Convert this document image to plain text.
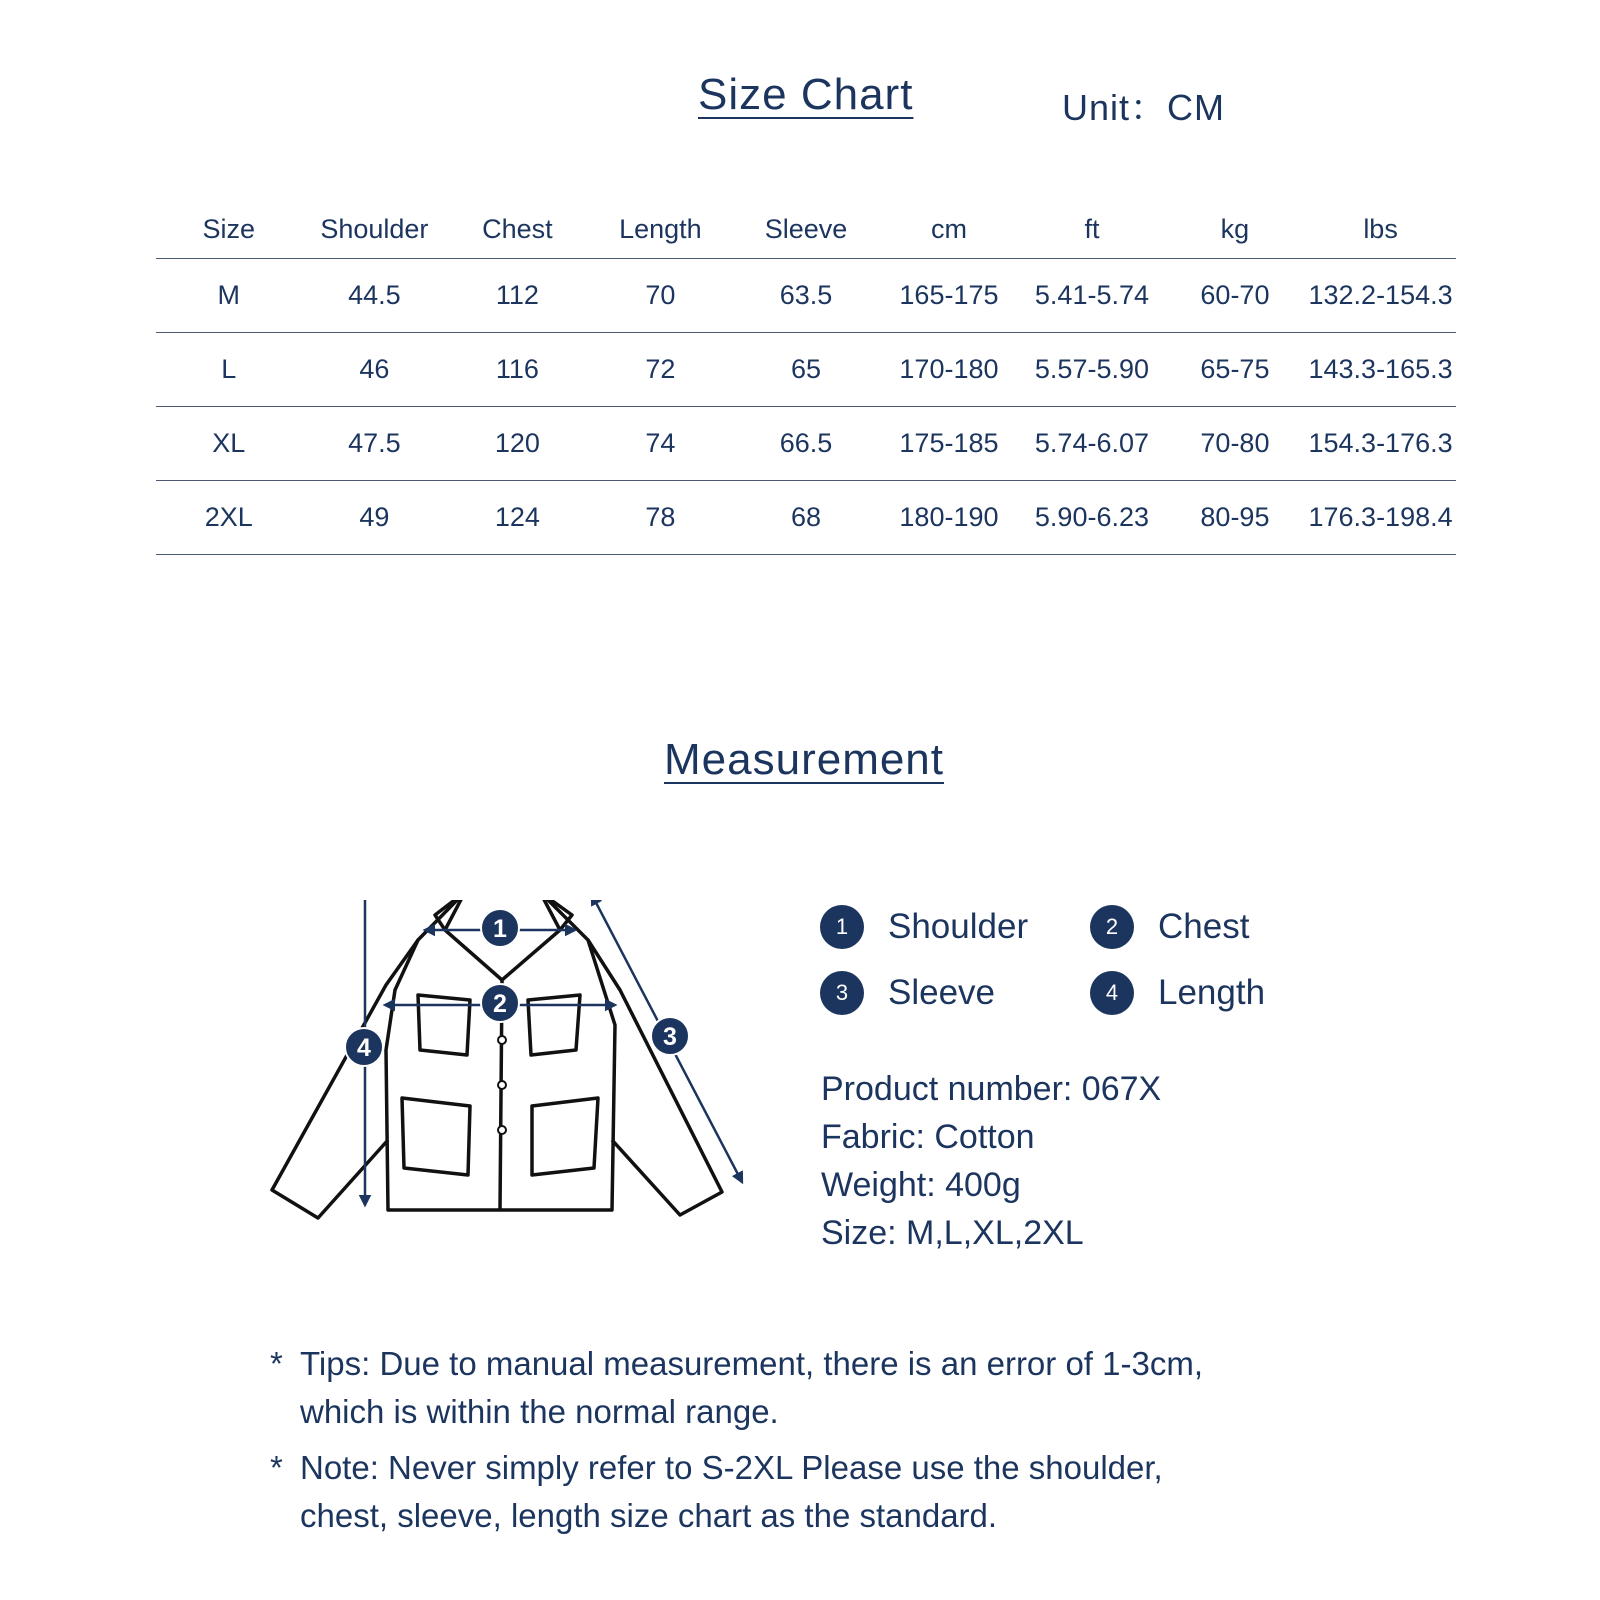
Size Chart	Unit：CM
Size	Shoulder	Chest	Length	Sleeve	cm	ft	kg	lbs
M	44.5	112	70	63.5	165-175	5.41-5.74	60-70	132.2-154.3
L	46	116	72	65	170-180	5.57-5.90	65-75	143.3-165.3
XL	47.5	120	74	66.5	175-185	5.74-6.07	70-80	154.3-176.3
2XL	49	124	78	68	180-190	5.90-6.23	80-95	176.3-198.4
Measurement
1
2
3
4
1	Shoulder	2	Chest
3	Sleeve	4	Length
Product number: 067X
Fabric: Cotton
Weight: 400g
Size: M,L,XL,2XL
* Tips: Due to manual measurement, there is an error of 1-3cm,
which is within the normal range.
* Note: Never simply refer to S-2XL Please use the shoulder,
chest, sleeve, length size chart as the standard.
